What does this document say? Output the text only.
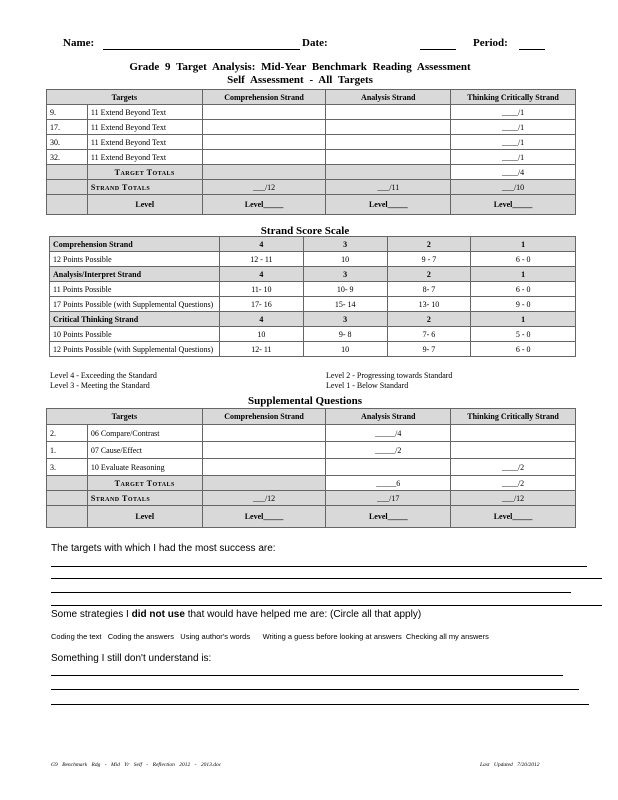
Name:	Date:	Period:
Grade 9 Target Analysis: Mid-Year Benchmark Reading Assessment
Self Assessment - All Targets
Targets		Comprehension Strand	Analysis Strand	Thinking Critically Strand
9.	11 Extend Beyond Text			____/1
17.	11 Extend Beyond Text			____/1
30.	11 Extend Beyond Text			____/1
32.	11 Extend Beyond Text			____/1
	Target Totals			____/4
	Strand Totals	___/12	___/11	___/10
	Level	Level_____	Level_____	Level_____
Strand Score Scale
Comprehension Strand	4	3	2	1
12 Points Possible	12 - 11	10	9 - 7	6 - 0
Analysis/Interpret Strand	4	3	2	1
11 Points Possible	11- 10	10- 9	8- 7	6 - 0
17 Points Possible (with Supplemental Questions)	17- 16	15- 14	13- 10	9 - 0
Critical Thinking Strand	4	3	2	1
10 Points Possible	10	9- 8	7- 6	5 - 0
12 Points Possible (with Supplemental Questions)	12- 11	10	9- 7	6 - 0
Level 4 - Exceeding the Standard
Level 3 - Meeting the Standard
Level 2 - Progressing towards Standard
Level 1 - Below Standard
Supplemental Questions
Targets		Comprehension Strand	Analysis Strand	Thinking Critically Strand
2.	06 Compare/Contrast		_____/4	
1.	07 Cause/Effect		_____/2	
3.	10 Evaluate Reasoning			____/2
	Target Totals		_____6	____/2
	Strand Totals	___/12	___/17	___/12
	Level	Level_____	Level_____	Level_____
The targets with which I had the most success are:
Some strategies I did not use that would have helped me are: (Circle all that apply)
Coding the text Coding the answers Using author's words Writing a guess before looking at answers Checking all my answers
Something I still don't understand is:
G9 Benchmark Rdg - Mid Yr Self - Reflection 2012 - 2013.doc	Last Updated 7/20/2012
